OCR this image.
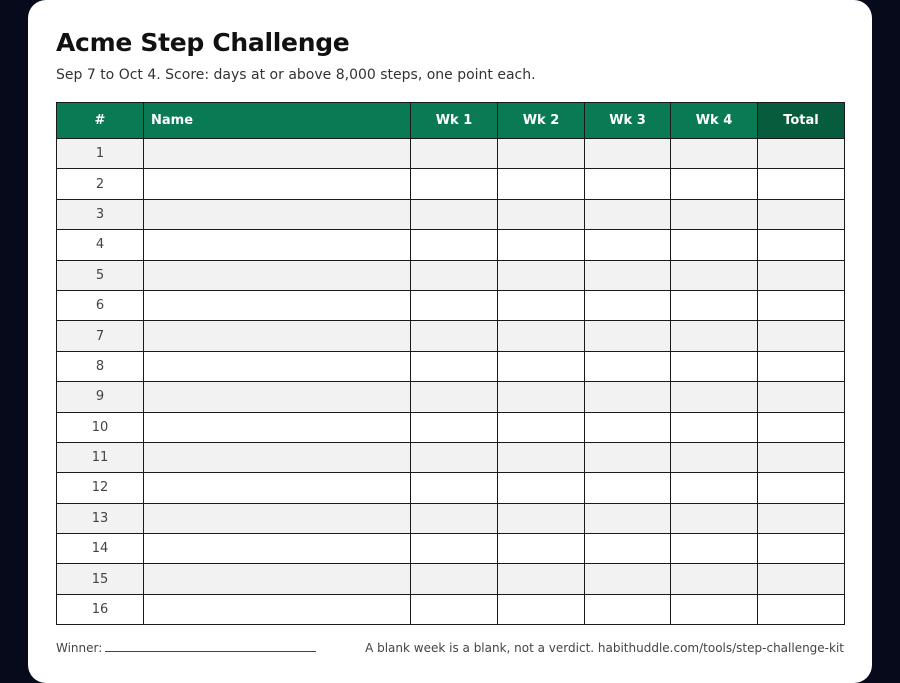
Acme Step Challenge

Sep 7 to Oct 4. Score: days at or above 8,000 steps, one point each.

#	Name	Wk 1	Wk 2	Wk 3	Wk 4	Total
1						
2						
3						
4						
5						
6						
7						
8						
9						
10						
11						
12						
13						
14						
15						
16						
Winner:	A blank week is a blank, not a verdict. habithuddle.com/tools/step-challenge-kit
